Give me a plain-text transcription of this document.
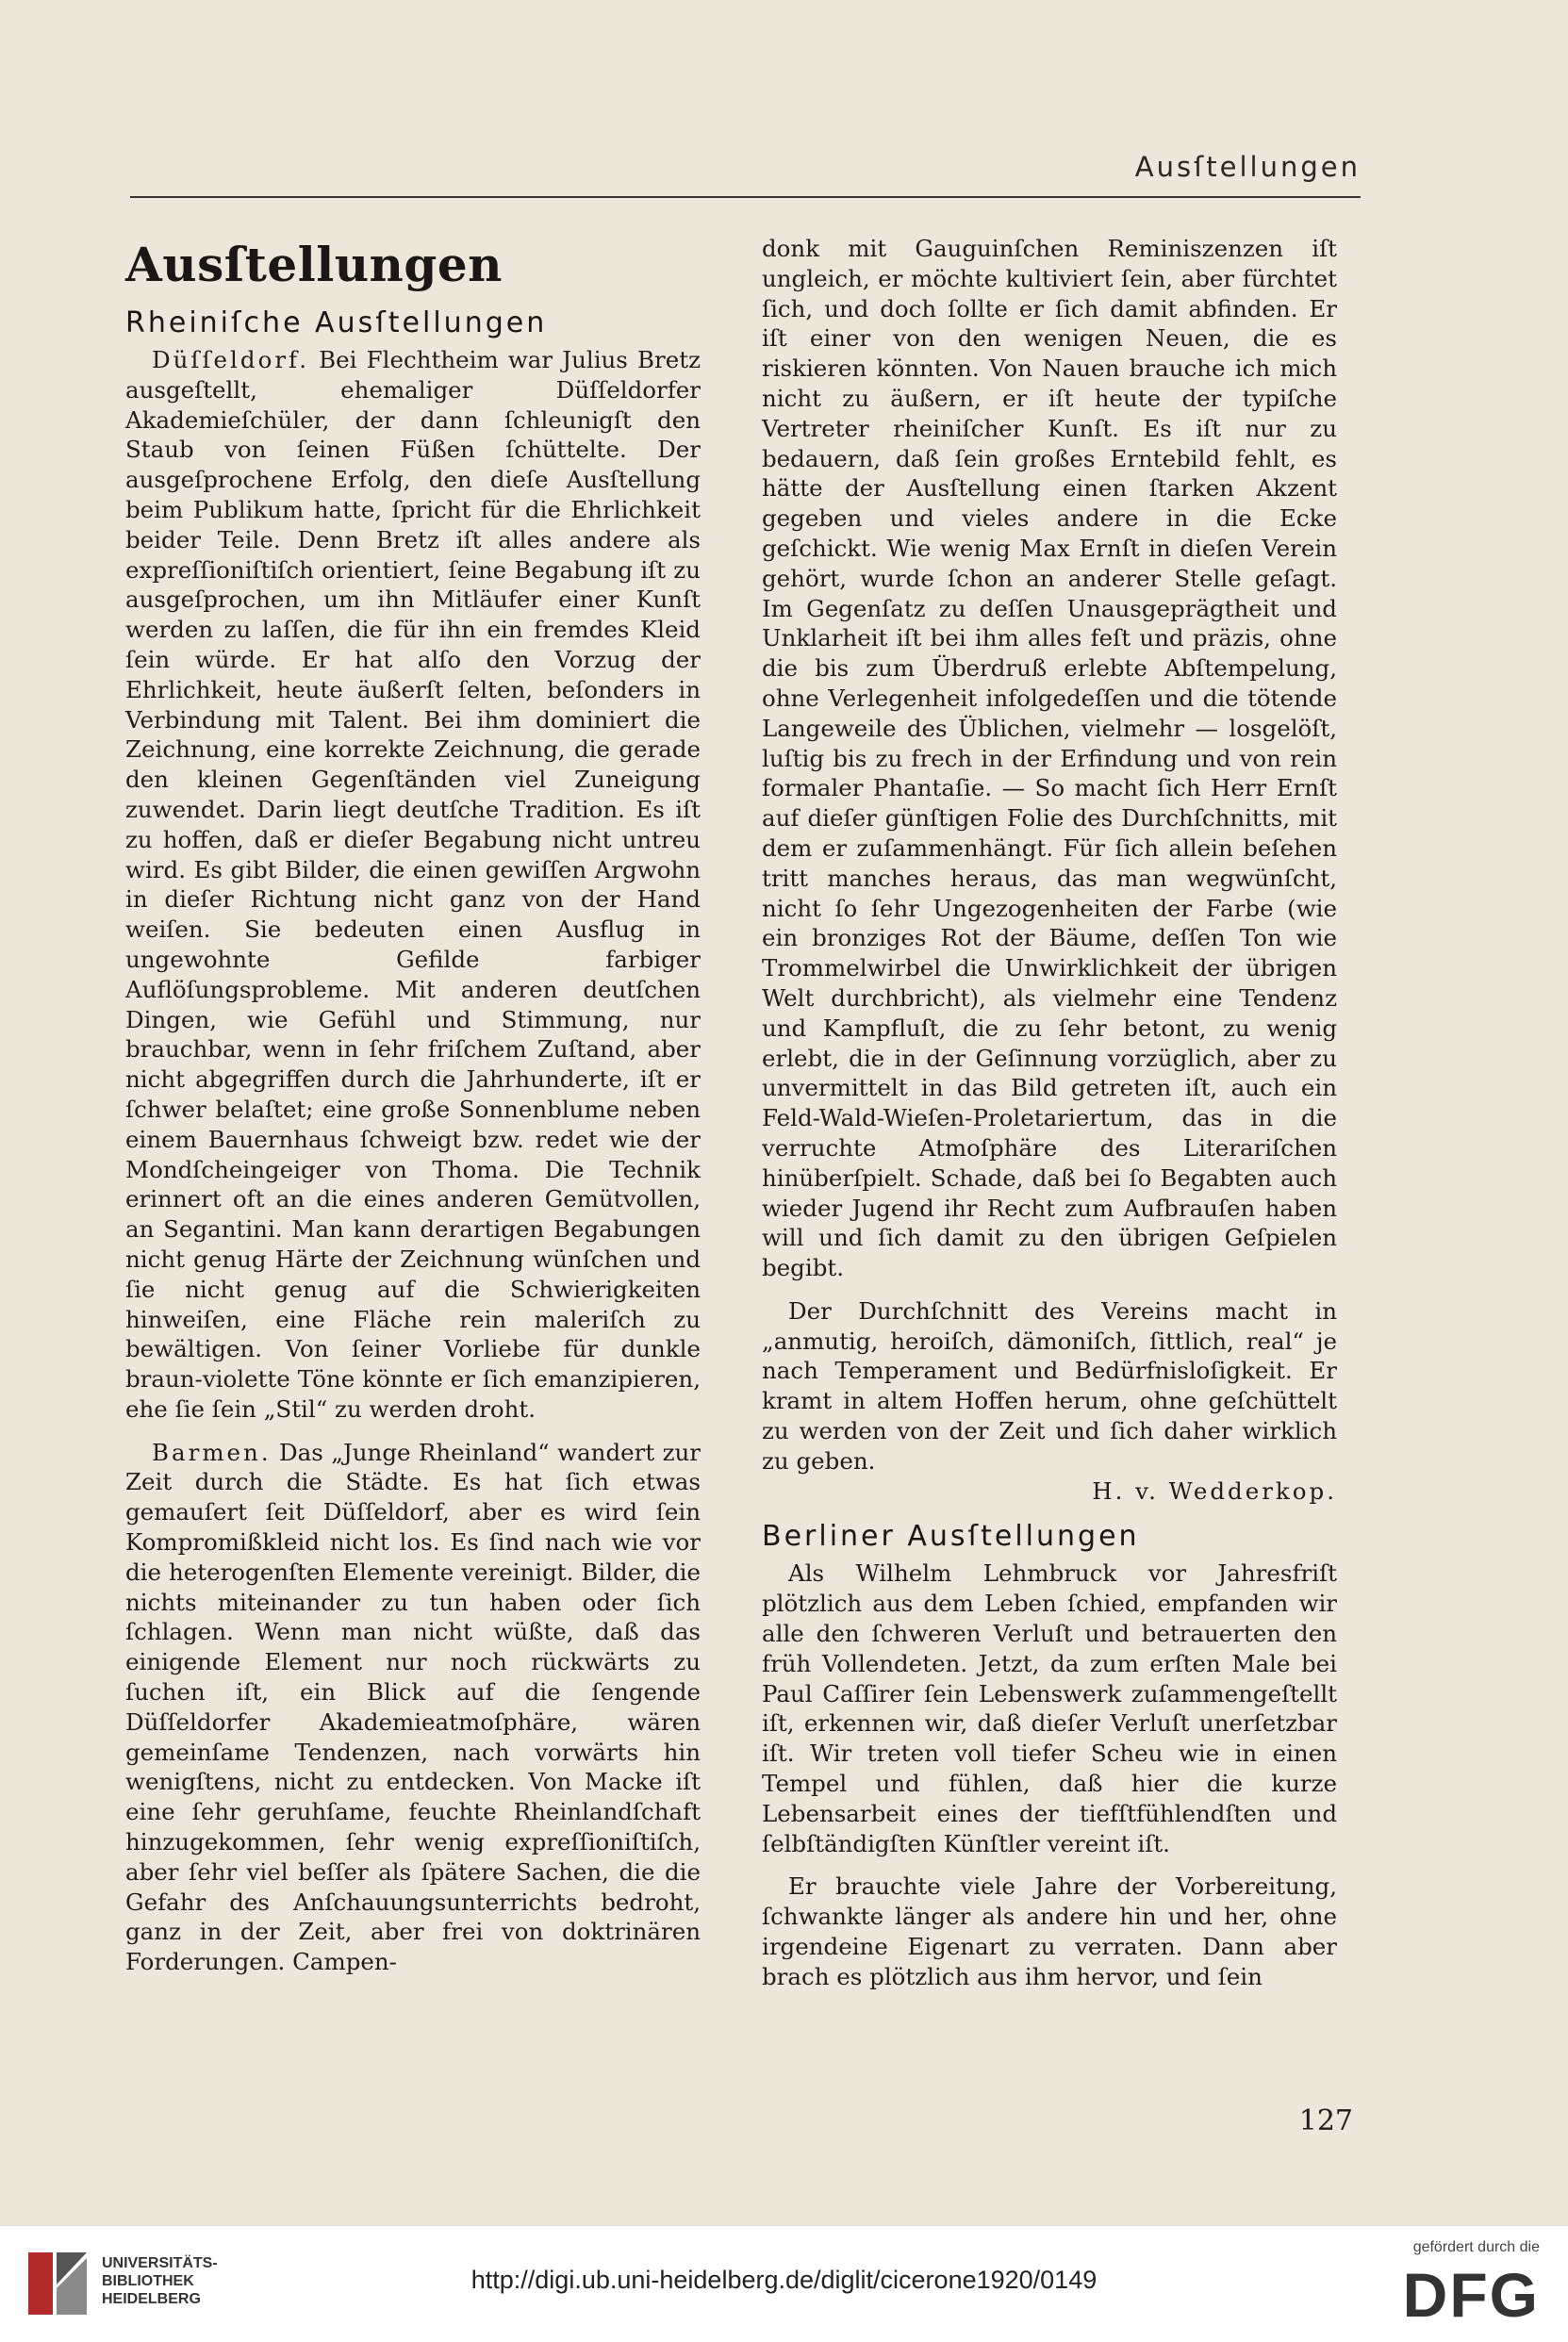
Ausſtellungen
Ausſtellungen
Rheiniſche Ausſtellungen

Düſſeldorf. Bei Flechtheim war Julius Bretz ausgeſtellt, ehemaliger Düſſeldorfer Akademieſchüler, der dann ſchleunigſt den Staub von ſeinen Füßen ſchüttelte. Der ausgeſprochene Erfolg, den dieſe Ausſtellung beim Publikum hatte, ſpricht für die Ehrlichkeit beider Teile. Denn Bretz iſt alles andere als expreſſioniſtiſch orientiert, ſeine Begabung iſt zu ausgeſprochen, um ihn Mitläufer einer Kunſt werden zu laſſen, die für ihn ein fremdes Kleid ſein würde. Er hat alſo den Vorzug der Ehrlichkeit, heute äußerſt ſelten, beſonders in Verbindung mit Talent. Bei ihm dominiert die Zeichnung, eine korrekte Zeichnung, die gerade den kleinen Gegenſtänden viel Zuneigung zuwendet. Darin liegt deutſche Tradition. Es iſt zu hoffen, daß er dieſer Begabung nicht untreu wird. Es gibt Bilder, die einen gewiſſen Argwohn in dieſer Richtung nicht ganz von der Hand weiſen. Sie bedeuten einen Ausflug in ungewohnte Gefilde farbiger Auflöſungsprobleme. Mit anderen deutſchen Dingen, wie Gefühl und Stimmung, nur brauchbar, wenn in ſehr friſchem Zuſtand, aber nicht abgegriffen durch die Jahrhunderte, iſt er ſchwer belaſtet; eine große Sonnenblume neben einem Bauernhaus ſchweigt bzw. redet wie der Mondſcheingeiger von Thoma. Die Technik erinnert oft an die eines anderen Gemütvollen, an Segantini. Man kann derartigen Begabungen nicht genug Härte der Zeichnung wünſchen und ſie nicht genug auf die Schwierigkeiten hinweiſen, eine Fläche rein maleriſch zu bewältigen. Von ſeiner Vorliebe für dunkle braun-violette Töne könnte er ſich emanzipieren, ehe ſie ſein „Stil“ zu werden droht.

Barmen. Das „Junge Rheinland“ wandert zur Zeit durch die Städte. Es hat ſich etwas gemauſert ſeit Düſſeldorf, aber es wird ſein Kompromißkleid nicht los. Es ſind nach wie vor die heterogenſten Elemente vereinigt. Bilder, die nichts miteinander zu tun haben oder ſich ſchlagen. Wenn man nicht wüßte, daß das einigende Element nur noch rückwärts zu ſuchen iſt, ein Blick auf die ſengende Düſſeldorfer Akademieatmoſphäre, wären gemeinſame Tendenzen, nach vorwärts hin wenigſtens, nicht zu entdecken. Von Macke iſt eine ſehr geruhſame, feuchte Rheinlandſchaft hinzugekommen, ſehr wenig expreſſioniſtiſch, aber ſehr viel beſſer als ſpätere Sachen, die die Gefahr des Anſchauungsunterrichts bedroht, ganz in der Zeit, aber frei von doktrinären Forderungen. Campen-

donk mit Gauguinſchen Reminiszenzen iſt ungleich, er möchte kultiviert ſein, aber fürchtet ſich, und doch ſollte er ſich damit abfinden. Er iſt einer von den wenigen Neuen, die es riskieren könnten. Von Nauen brauche ich mich nicht zu äußern, er iſt heute der typiſche Vertreter rheiniſcher Kunſt. Es iſt nur zu bedauern, daß ſein großes Erntebild fehlt, es hätte der Ausſtellung einen ſtarken Akzent gegeben und vieles andere in die Ecke geſchickt. Wie wenig Max Ernſt in dieſen Verein gehört, wurde ſchon an anderer Stelle geſagt. Im Gegenſatz zu deſſen Unausgeprägtheit und Unklarheit iſt bei ihm alles feſt und präzis, ohne die bis zum Überdruß erlebte Abſtempelung, ohne Verlegenheit infolgedeſſen und die tötende Langeweile des Üblichen, vielmehr — losgelöſt, luſtig bis zu frech in der Erfindung und von rein formaler Phantaſie. — So macht ſich Herr Ernſt auf dieſer günſtigen Folie des Durchſchnitts, mit dem er zuſammenhängt. Für ſich allein beſehen tritt manches heraus, das man wegwünſcht, nicht ſo ſehr Ungezogenheiten der Farbe (wie ein bronziges Rot der Bäume, deſſen Ton wie Trommelwirbel die Unwirklichkeit der übrigen Welt durchbricht), als vielmehr eine Tendenz und Kampfluſt, die zu ſehr betont, zu wenig erlebt, die in der Geſinnung vorzüglich, aber zu unvermittelt in das Bild getreten iſt, auch ein Feld-Wald-Wieſen-Proletariertum, das in die verruchte Atmoſphäre des Literariſchen hinüberſpielt. Schade, daß bei ſo Begabten auch wieder Jugend ihr Recht zum Aufbrauſen haben will und ſich damit zu den übrigen Geſpielen begibt.

Der Durchſchnitt des Vereins macht in „anmutig, heroiſch, dämoniſch, ſittlich, real“ je nach Temperament und Bedürfnisloſigkeit. Er kramt in altem Hoffen herum, ohne geſchüttelt zu werden von der Zeit und ſich daher wirklich zu geben.
H. v. Wedderkop.

Berliner Ausſtellungen

Als Wilhelm Lehmbruck vor Jahresfriſt plötzlich aus dem Leben ſchied, empfanden wir alle den ſchweren Verluſt und betrauerten den früh Vollendeten. Jetzt, da zum erſten Male bei Paul Caſſirer ſein Lebenswerk zuſammengeſtellt iſt, erkennen wir, daß dieſer Verluſt unerſetzbar iſt. Wir treten voll tiefer Scheu wie in einen Tempel und fühlen, daß hier die kurze Lebensarbeit eines der tiefſtfühlendſten und ſelbſtändigſten Künſtler vereint iſt.

Er brauchte viele Jahre der Vorbereitung, ſchwankte länger als andere hin und her, ohne irgendeine Eigenart zu verraten. Dann aber brach es plötzlich aus ihm hervor, und ſein

127
UNIVERSITÄTS-
BIBLIOTHEK
HEIDELBERG
http://digi.ub.uni-heidelberg.de/diglit/cicerone1920/0149
gefördert durch die
DFG
